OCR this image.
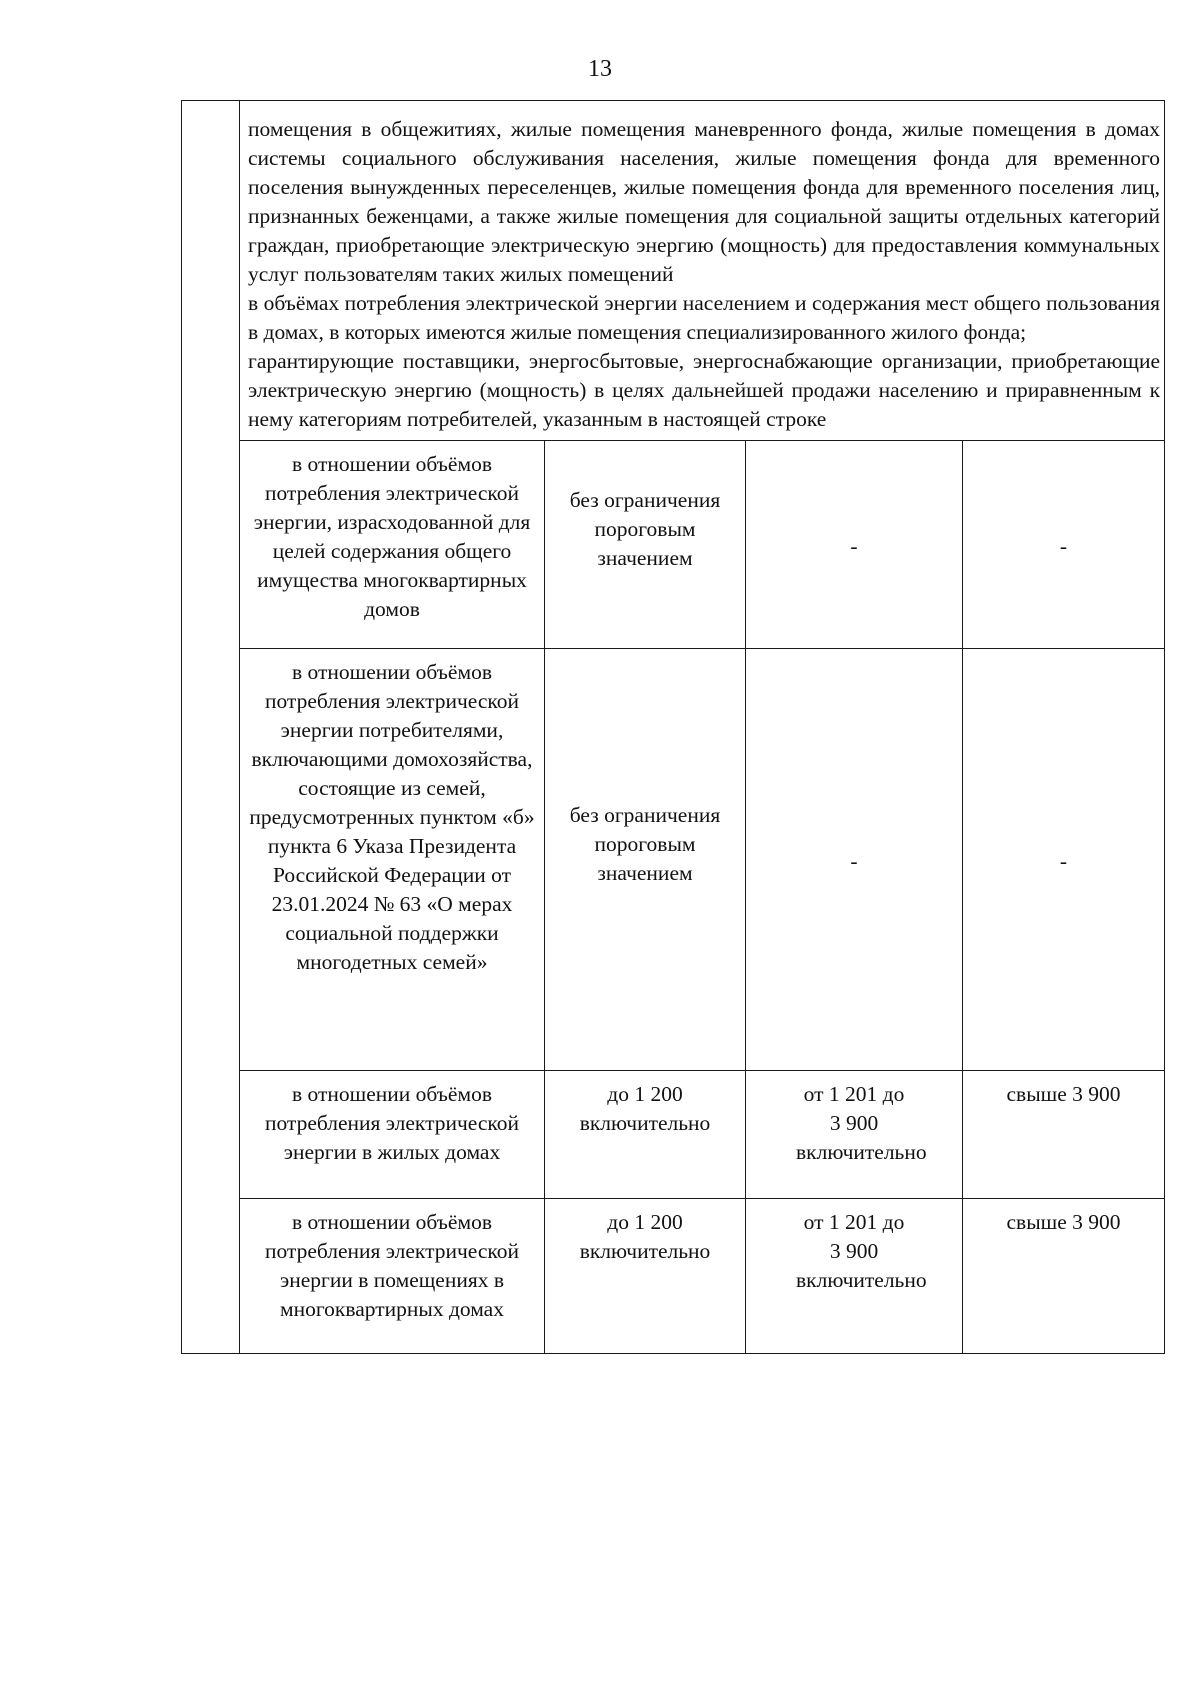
13

	помещения в общежитиях, жилые помещения маневренного фонда, жилые помещения в домах системы социального обслуживания населения, жилые помещения фонда для временного поселения вынужденных переселенцев, жилые помещения фонда для временного поселения лиц, признанных беженцами, а также жилые помещения для социальной защиты отдельных категорий граждан, приобретающие электрическую энергию (мощность) для предоставления коммунальных услуг пользователям таких жилых помещений

в объёмах потребления электрической энергии населением и содержания мест общего пользования в домах, в которых имеются жилые помещения специализированного жилого фонда;

гарантирующие поставщики, энергосбытовые, энергоснабжающие организации, приобретающие электрическую энергию (мощность) в целях дальнейшей продажи населению и приравненным к нему категориям потребителей, указанным в настоящей строке			

	в отношении объёмов потребления электрической энергии, израсходованной для целей содержания общего имущества многоквартирных домов	без ограничения пороговым значением	-	-
	в отношении объёмов потребления электрической энергии потребителями, включающими домохозяйства, состоящие из семей, предусмотренных пунктом «б» пункта 6 Указа Президента Российской Федерации от 23.01.2024 № 63 «О мерах социальной поддержки многодетных семей»	без ограничения пороговым значением	-	-
	в отношении объёмов потребления электрической энергии в жилых домах	до 1 200 включительно	от 1 201 до 3 900 включительно	свыше 3 900
	в отношении объёмов потребления электрической энергии в помещениях в многоквартирных домах	до 1 200 включительно	от 1 201 до 3 900 включительно	свыше 3 900
